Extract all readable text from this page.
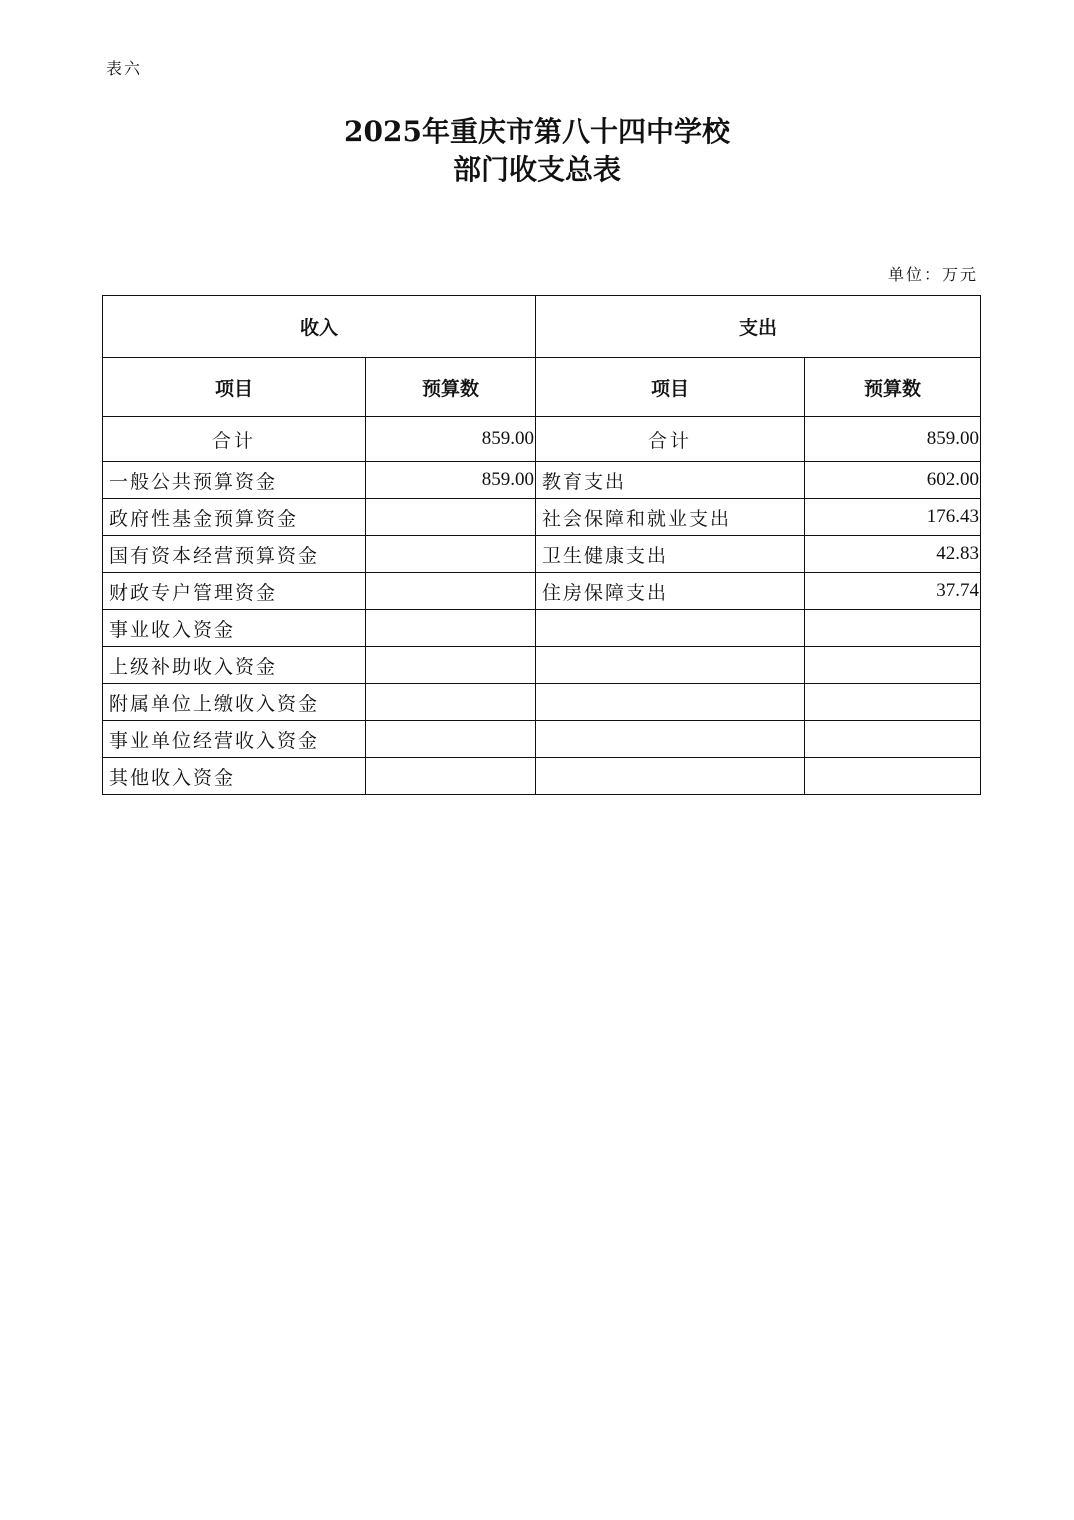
表六
2025年重庆市第八十四中学校
部门收支总表
单位：万元
收入		支出	
项目	预算数	项目	预算数
合计	859.00	合计	859.00
一般公共预算资金	859.00	教育支出	602.00
政府性基金预算资金		社会保障和就业支出	176.43
国有资本经营预算资金		卫生健康支出	42.83
财政专户管理资金		住房保障支出	37.74
事业收入资金			
上级补助收入资金			
附属单位上缴收入资金			
事业单位经营收入资金			
其他收入资金			
